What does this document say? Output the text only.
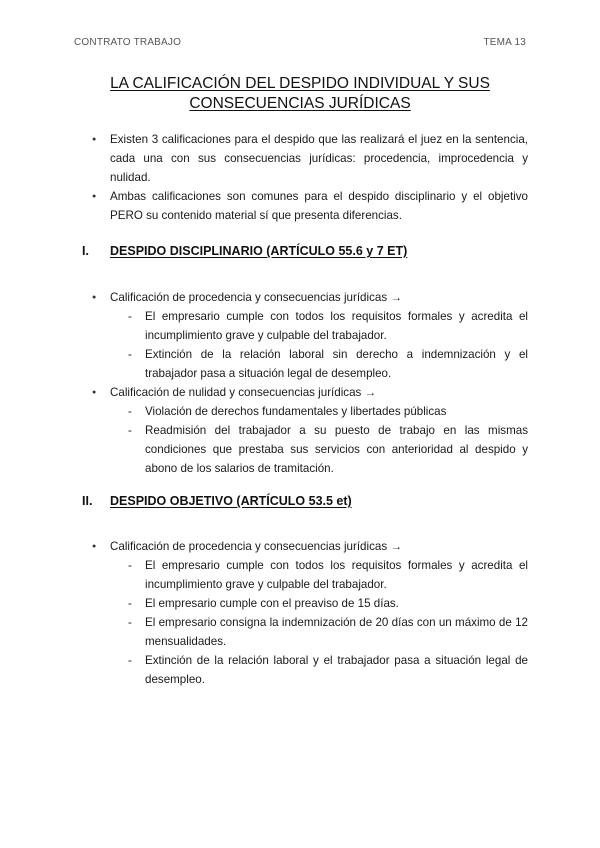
CONTRATO TRABAJO	TEMA 13
LA CALIFICACIÓN DEL DESPIDO INDIVIDUAL Y SUS
CONSECUENCIAS JURÍDICAS
● Existen 3 calificaciones para el despido que las realizará el juez en la sentencia, cada una con sus consecuencias jurídicas: procedencia, improcedencia y nulidad.
● Ambas calificaciones son comunes para el despido disciplinario y el objetivo PERO su contenido material sí que presenta diferencias.
I.	DESPIDO DISCIPLINARIO (ARTÍCULO 55.6 y 7 ET)
● Calificación de procedencia y consecuencias jurídicas →
- El empresario cumple con todos los requisitos formales y acredita el incumplimiento grave y culpable del trabajador.
- Extinción de la relación laboral sin derecho a indemnización y el trabajador pasa a situación legal de desempleo.
● Calificación de nulidad y consecuencias jurídicas →
- Violación de derechos fundamentales y libertades públicas
- Readmisión del trabajador a su puesto de trabajo en las mismas condiciones que prestaba sus servicios con anterioridad al despido y abono de los salarios de tramitación.
II.	DESPIDO OBJETIVO (ARTÍCULO 53.5 et)
● Calificación de procedencia y consecuencias jurídicas →
- El empresario cumple con todos los requisitos formales y acredita el incumplimiento grave y culpable del trabajador.
- El empresario cumple con el preaviso de 15 días.
- El empresario consigna la indemnización de 20 días con un máximo de 12 mensualidades.
- Extinción de la relación laboral y el trabajador pasa a situación legal de desempleo.
